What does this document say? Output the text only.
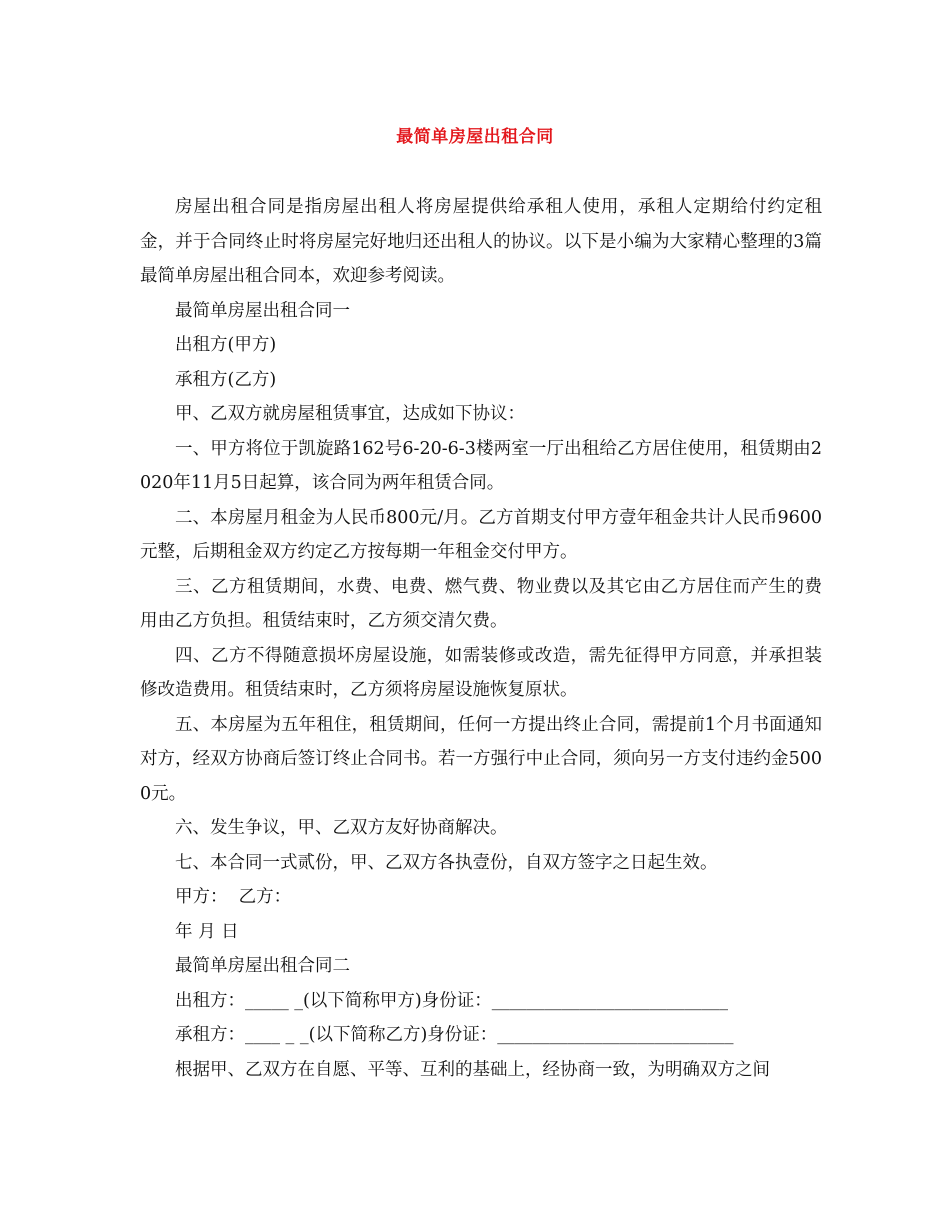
最简单房屋出租合同

房屋出租合同是指房屋出租人将房屋提供给承租人使用，承租人定期给付约定租金，并于合同终止时将房屋完好地归还出租人的协议。以下是小编为大家精心整理的3篇最简单房屋出租合同本，欢迎参考阅读。

最简单房屋出租合同一

出租方(甲方)

承租方(乙方)

甲、乙双方就房屋租赁事宜，达成如下协议：

一、甲方将位于凯旋路162号6-20-6-3楼两室一厅出租给乙方居住使用，租赁期由2020年11月5日起算，该合同为两年租赁合同。

二、本房屋月租金为人民币800元/月。乙方首期支付甲方壹年租金共计人民币9600元整，后期租金双方约定乙方按每期一年租金交付甲方。

三、乙方租赁期间，水费、电费、燃气费、物业费以及其它由乙方居住而产生的费用由乙方负担。租赁结束时，乙方须交清欠费。

四、乙方不得随意损坏房屋设施，如需装修或改造，需先征得甲方同意，并承担装修改造费用。租赁结束时，乙方须将房屋设施恢复原状。

五、本房屋为五年租住，租赁期间，任何一方提出终止合同，需提前1个月书面通知对方，经双方协商后签订终止合同书。若一方强行中止合同，须向另一方支付违约金5000元。

六、发生争议，甲、乙双方友好协商解决。

七、本合同一式贰份，甲、乙双方各执壹份，自双方签字之日起生效。

甲方：  乙方：

年 月 日

最简单房屋出租合同二

出租方：_____ _(以下简称甲方)身份证：___________________________

承租方：____ _ _(以下简称乙方)身份证：___________________________

根据甲、乙双方在自愿、平等、互利的基础上，经协商一致，为明确双方之间
